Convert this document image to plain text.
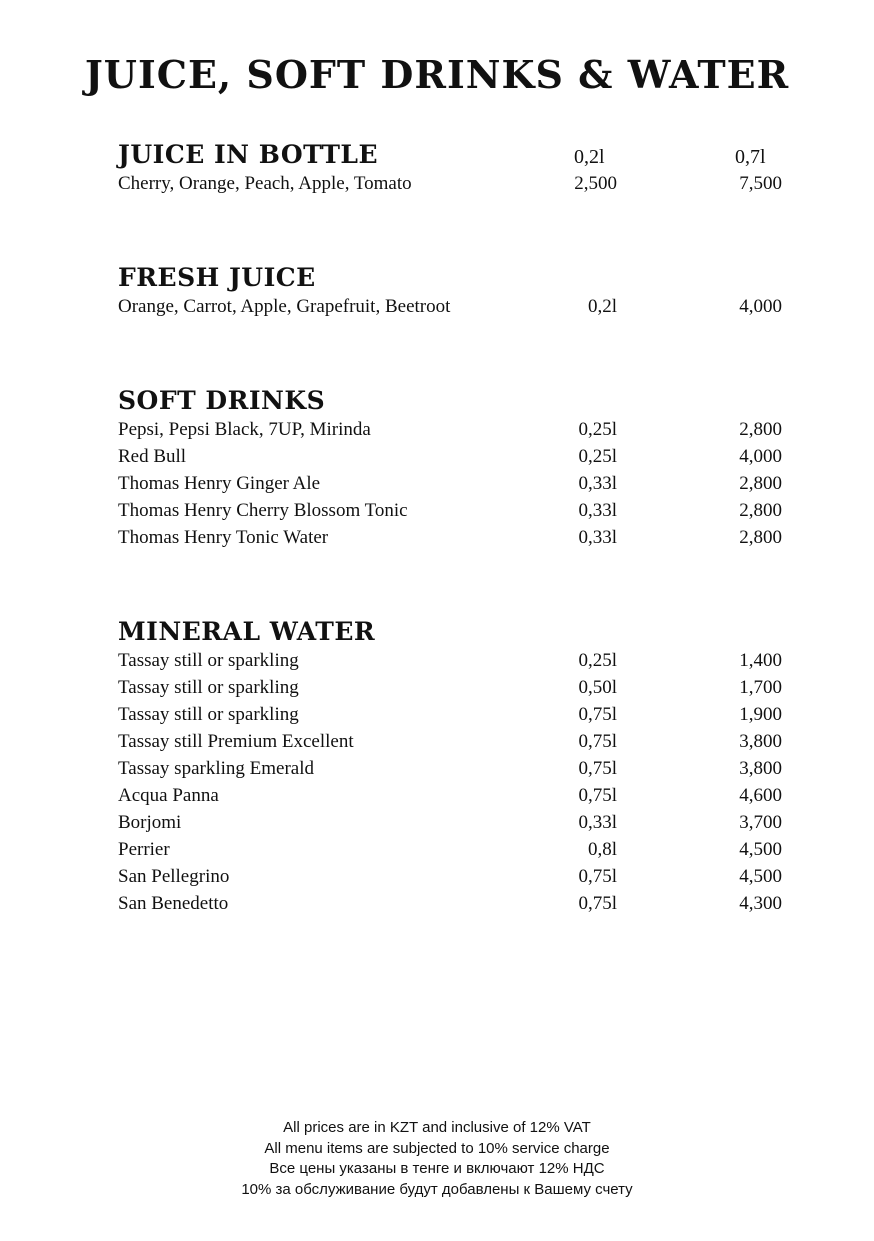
JUICE, SOFT DRINKS & WATER
JUICE IN BOTTLE	0,2l	0,7l
Cherry, Orange, Peach, Apple, Tomato	2,500	7,500
FRESH JUICE
Orange, Carrot, Apple, Grapefruit, Beetroot	0,2l	4,000
SOFT DRINKS
Pepsi, Pepsi Black, 7UP, Mirinda	0,25l	2,800
Red Bull	0,25l	4,000
Thomas Henry Ginger Ale	0,33l	2,800
Thomas Henry Cherry Blossom Tonic	0,33l	2,800
Thomas Henry Tonic Water	0,33l	2,800
MINERAL WATER
Tassay still or sparkling	0,25l	1,400
Tassay still or sparkling	0,50l	1,700
Tassay still or sparkling	0,75l	1,900
Tassay still Premium Excellent	0,75l	3,800
Tassay sparkling Emerald	0,75l	3,800
Acqua Panna	0,75l	4,600
Borjomi	0,33l	3,700
Perrier	0,8l	4,500
San Pellegrino	0,75l	4,500
San Benedetto	0,75l	4,300
All prices are in KZT and inclusive of 12% VAT
All menu items are subjected to 10% service charge
Все цены указаны в тенге и включают 12% НДС
10% за обслуживание будут добавлены к Вашему счету
